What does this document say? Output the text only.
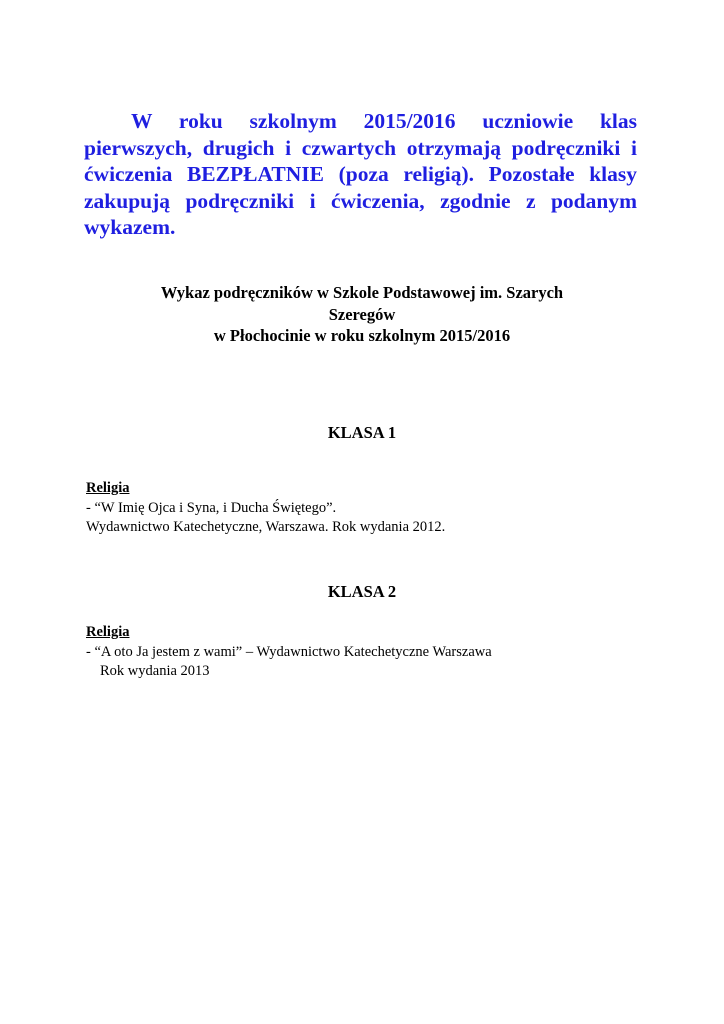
W roku szkolnym 2015/2016 uczniowie klas pierwszych, drugich i czwartych otrzymają podręczniki i ćwiczenia BEZPŁATNIE (poza religią). Pozostałe klasy zakupują podręczniki i ćwiczenia, zgodnie z podanym wykazem.

Wykaz podręczników w Szkole Podstawowej im. Szarych
Szeregów
w Płochocinie w roku szkolnym 2015/2016
KLASA 1
Religia
- “W Imię Ojca i Syna, i Ducha Świętego”.
Wydawnictwo Katechetyczne, Warszawa. Rok wydania 2012.
KLASA 2
Religia
- “A oto Ja jestem z wami” – Wydawnictwo Katechetyczne Warszawa
Rok wydania 2013
